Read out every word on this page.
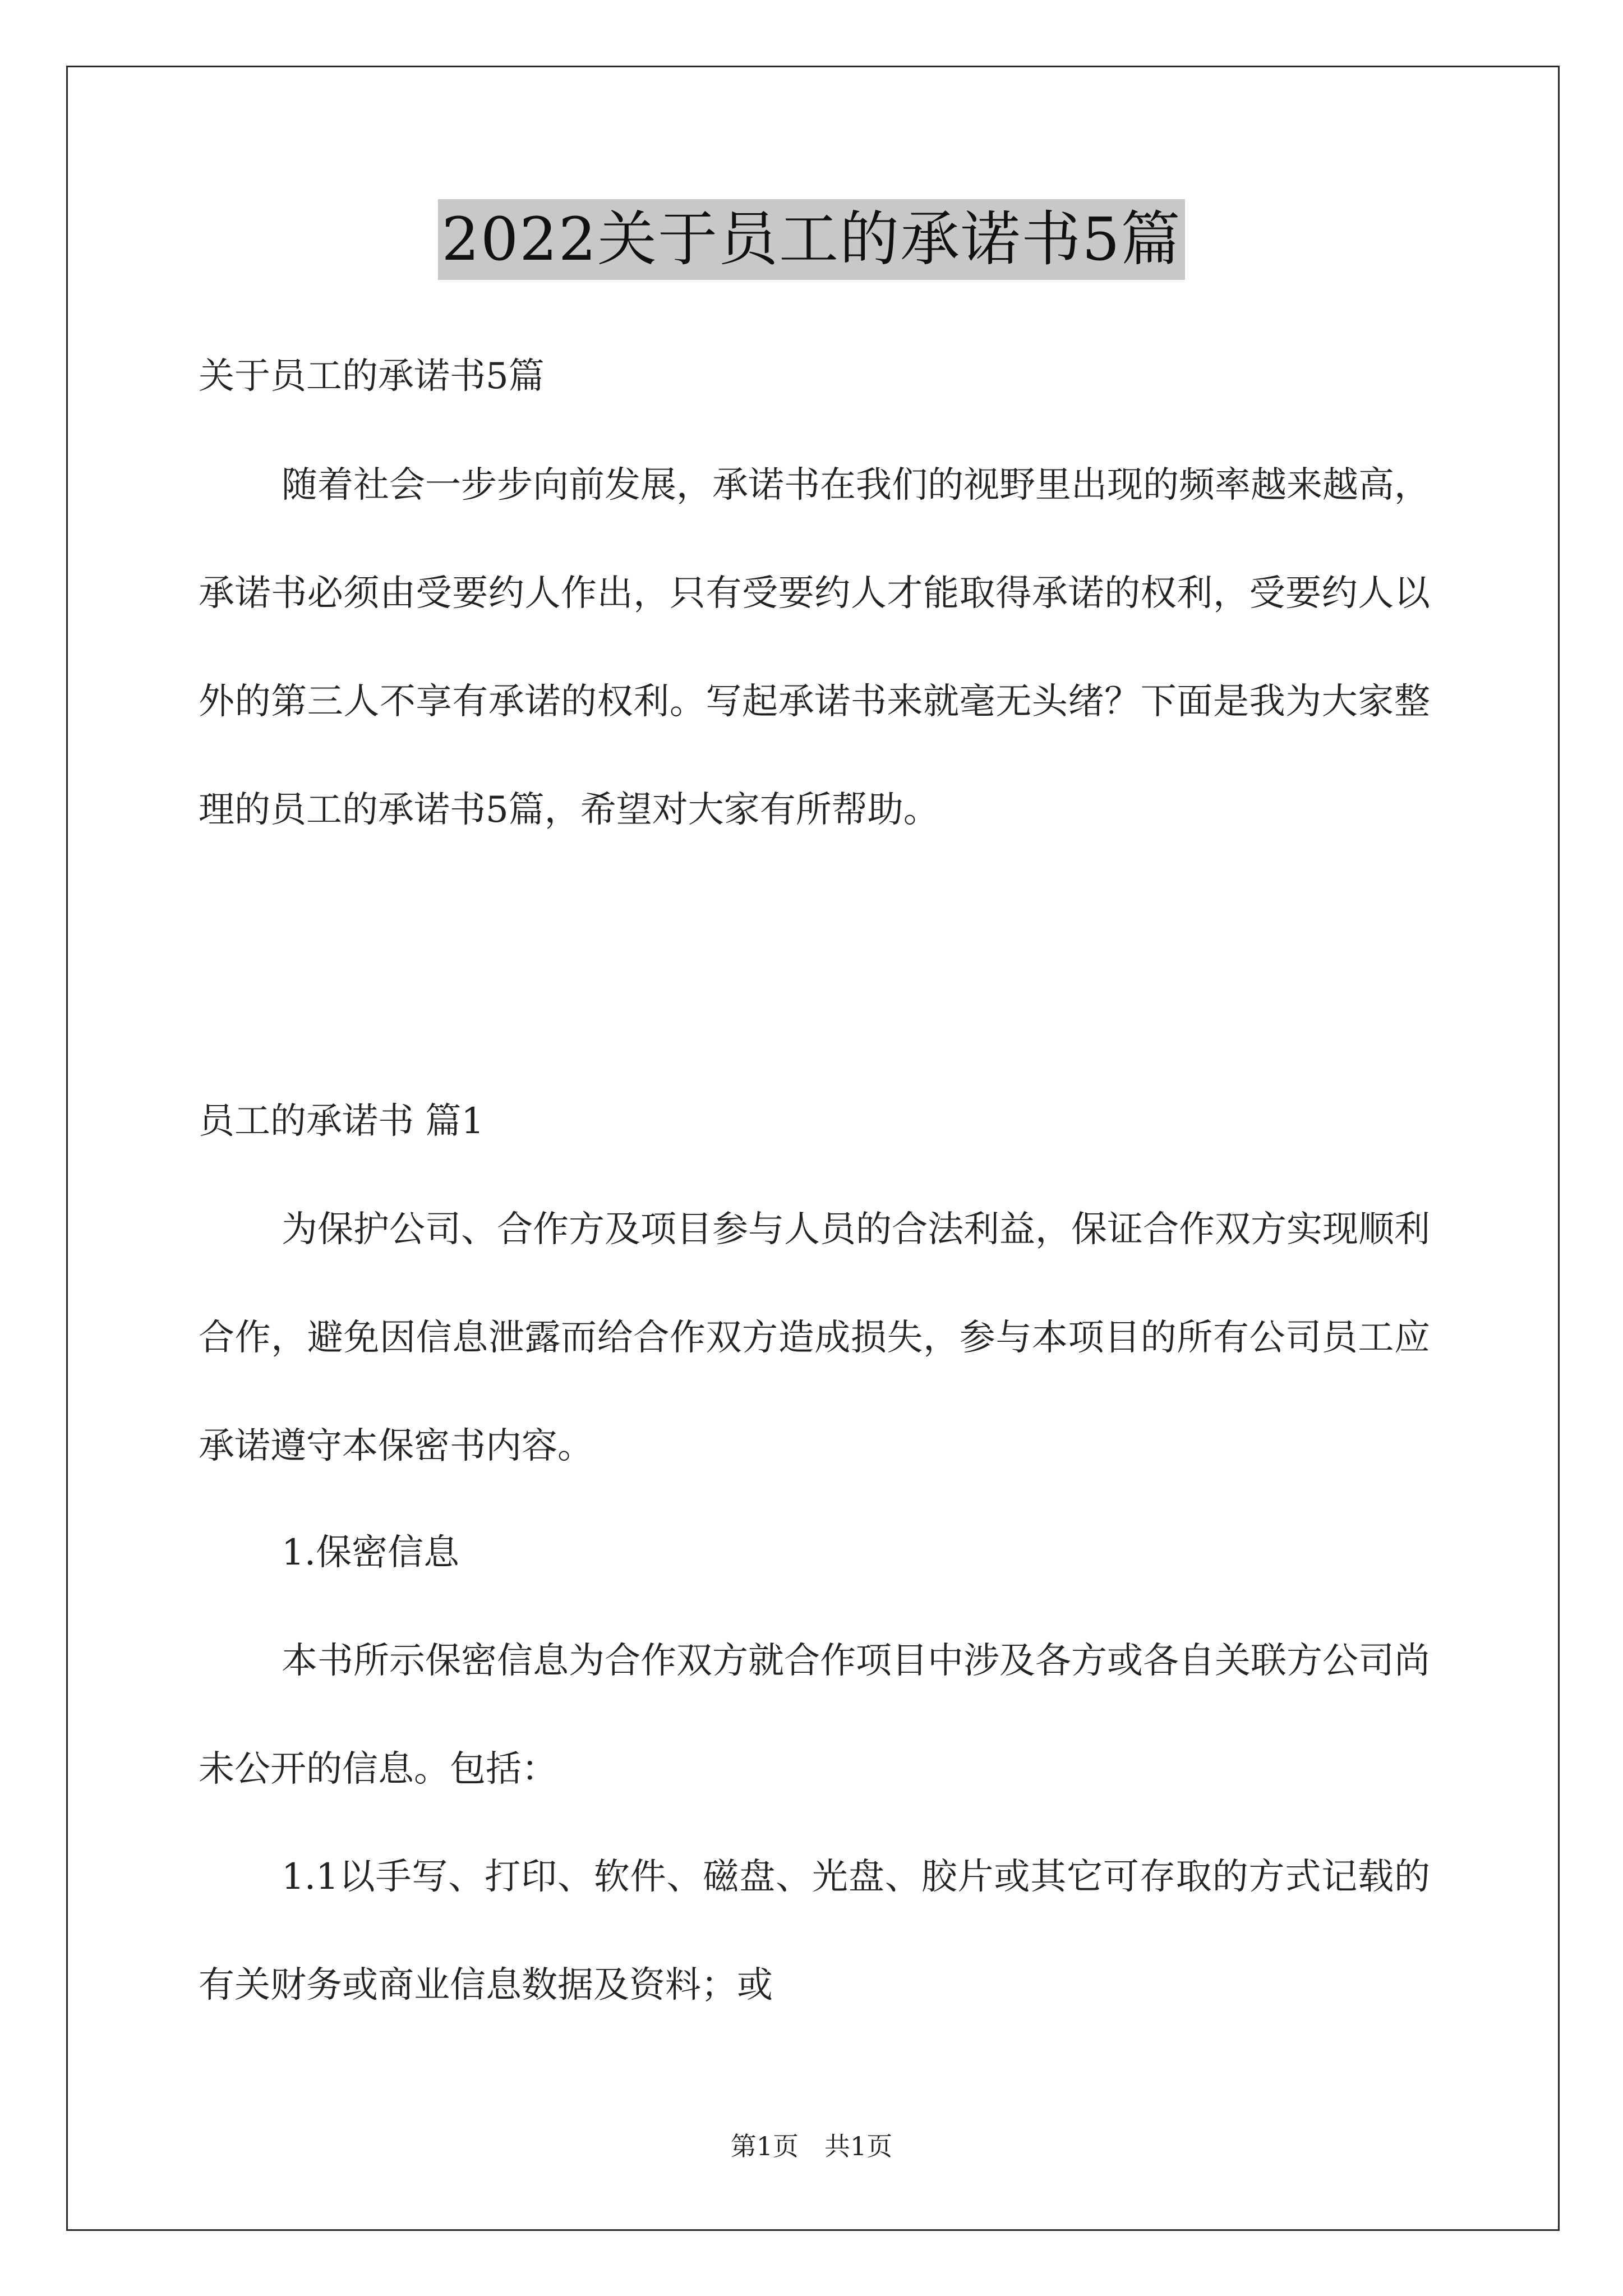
2022关于员工的承诺书5篇

关于员工的承诺书5篇

随着社会一步步向前发展，承诺书在我们的视野里出现的频率越来越高，承诺书必须由受要约人作出，只有受要约人才能取得承诺的权利，受要约人以外的第三人不享有承诺的权利。写起承诺书来就毫无头绪？下面是我为大家整理的员工的承诺书5篇，希望对大家有所帮助。

员工的承诺书 篇1

为保护公司、合作方及项目参与人员的合法利益，保证合作双方实现顺利合作，避免因信息泄露而给合作双方造成损失，参与本项目的所有公司员工应承诺遵守本保密书内容。

1.保密信息

本书所示保密信息为合作双方就合作项目中涉及各方或各自关联方公司尚未公开的信息。包括：

1.1以手写、打印、软件、磁盘、光盘、胶片或其它可存取的方式记载的有关财务或商业信息数据及资料；或

第1页　共1页
